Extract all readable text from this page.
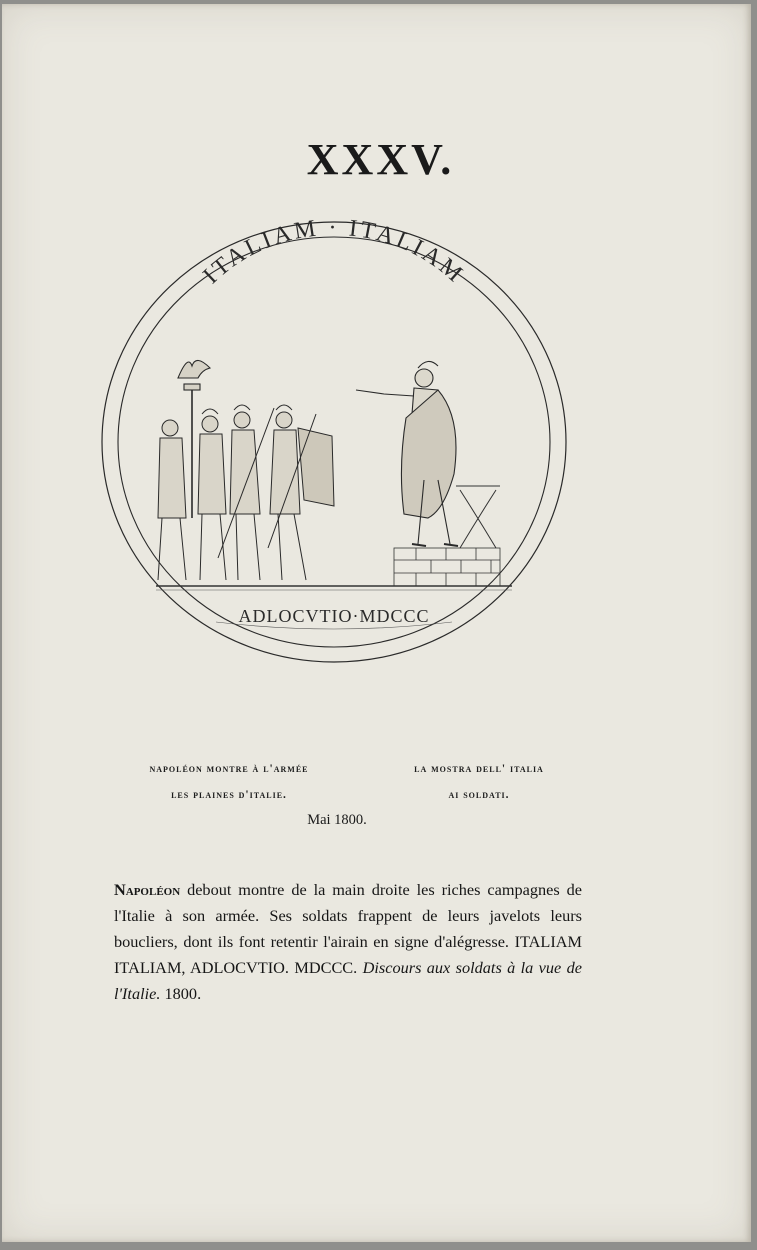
XXXV.
ITALIAM · ITALIAM
ADLOCVTIO·MDCCC
napoléon montre à l'armée
les plaines d'italie.
la mostra dell' italia
ai soldati.
Mai 1800.
Napoléon debout montre de la main droite les riches campagnes de l'Italie à son armée. Ses soldats frappent de leurs javelots leurs boucliers, dont ils font retentir l'airain en signe d'alégresse. ITALIAM ITALIAM, ADLOCVTIO. MDCCC. Discours aux soldats à la vue de l'Italie. 1800.
